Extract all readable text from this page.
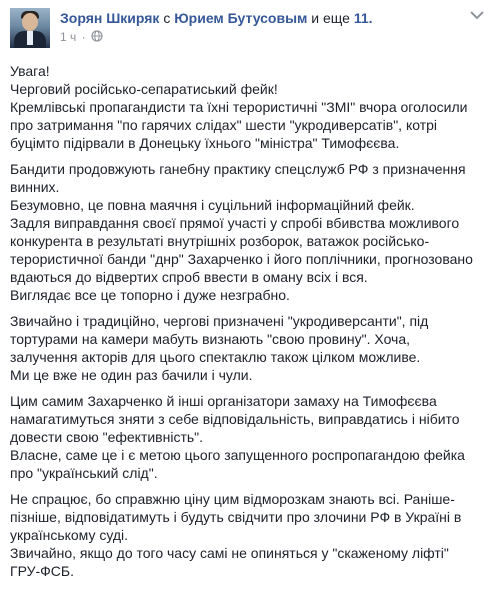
Зорян Шкиряк с Юрием Бутусовым и еще 11.
1 ч ·
Увага!
Черговий російсько-сепаратиський фейк!
Кремлівські пропагандисти та їхні терористичні "ЗМІ" вчора оголосили
про затримання "по гарячих слідах" шести "укродиверсатів", котрі
буцімто підірвали в Донецьку їхнього "міністра" Тимофєєва.
Бандити продовжують ганебну практику спецслужб РФ з призначення
винних.
Безумовно, це повна маячня і суцільний інформаційний фейк.
Задля виправдання своєї прямої участі у спробі вбивства можливого
конкурента в результаті внутрішніх розборок, ватажок російсько-
терористичної банди "днр" Захарченко і його поплічники, прогнозовано
вдаються до відвертих спроб ввести в оману всіх і вся.
Виглядає все це топорно і дуже незграбно.
Звичайно і традиційно, чергові призначені "укродиверсанти", під
тортурами на камери мабуть визнають "свою провину". Хоча,
залучення акторів для цього спектаклю також цілком можливе.
Ми це вже не один раз бачили і чули.
Цим самим Захарченко й інші організатори замаху на Тимофєєва
намагатимуться зняти з себе відповідальність, виправдатись і нібито
довести свою "ефективність".
Власне, саме це і є метою цього запущенного роспропагандою фейка
про "український слід".
Не спрацює, бо справжню ціну цим відморозкам знають всі. Раніше-
пізніше, відповідатимуть і будуть свідчити про злочини РФ в Україні в
українському суді.
Звичайно, якщо до того часу самі не опиняться у "скаженому ліфті"
ГРУ-ФСБ.
